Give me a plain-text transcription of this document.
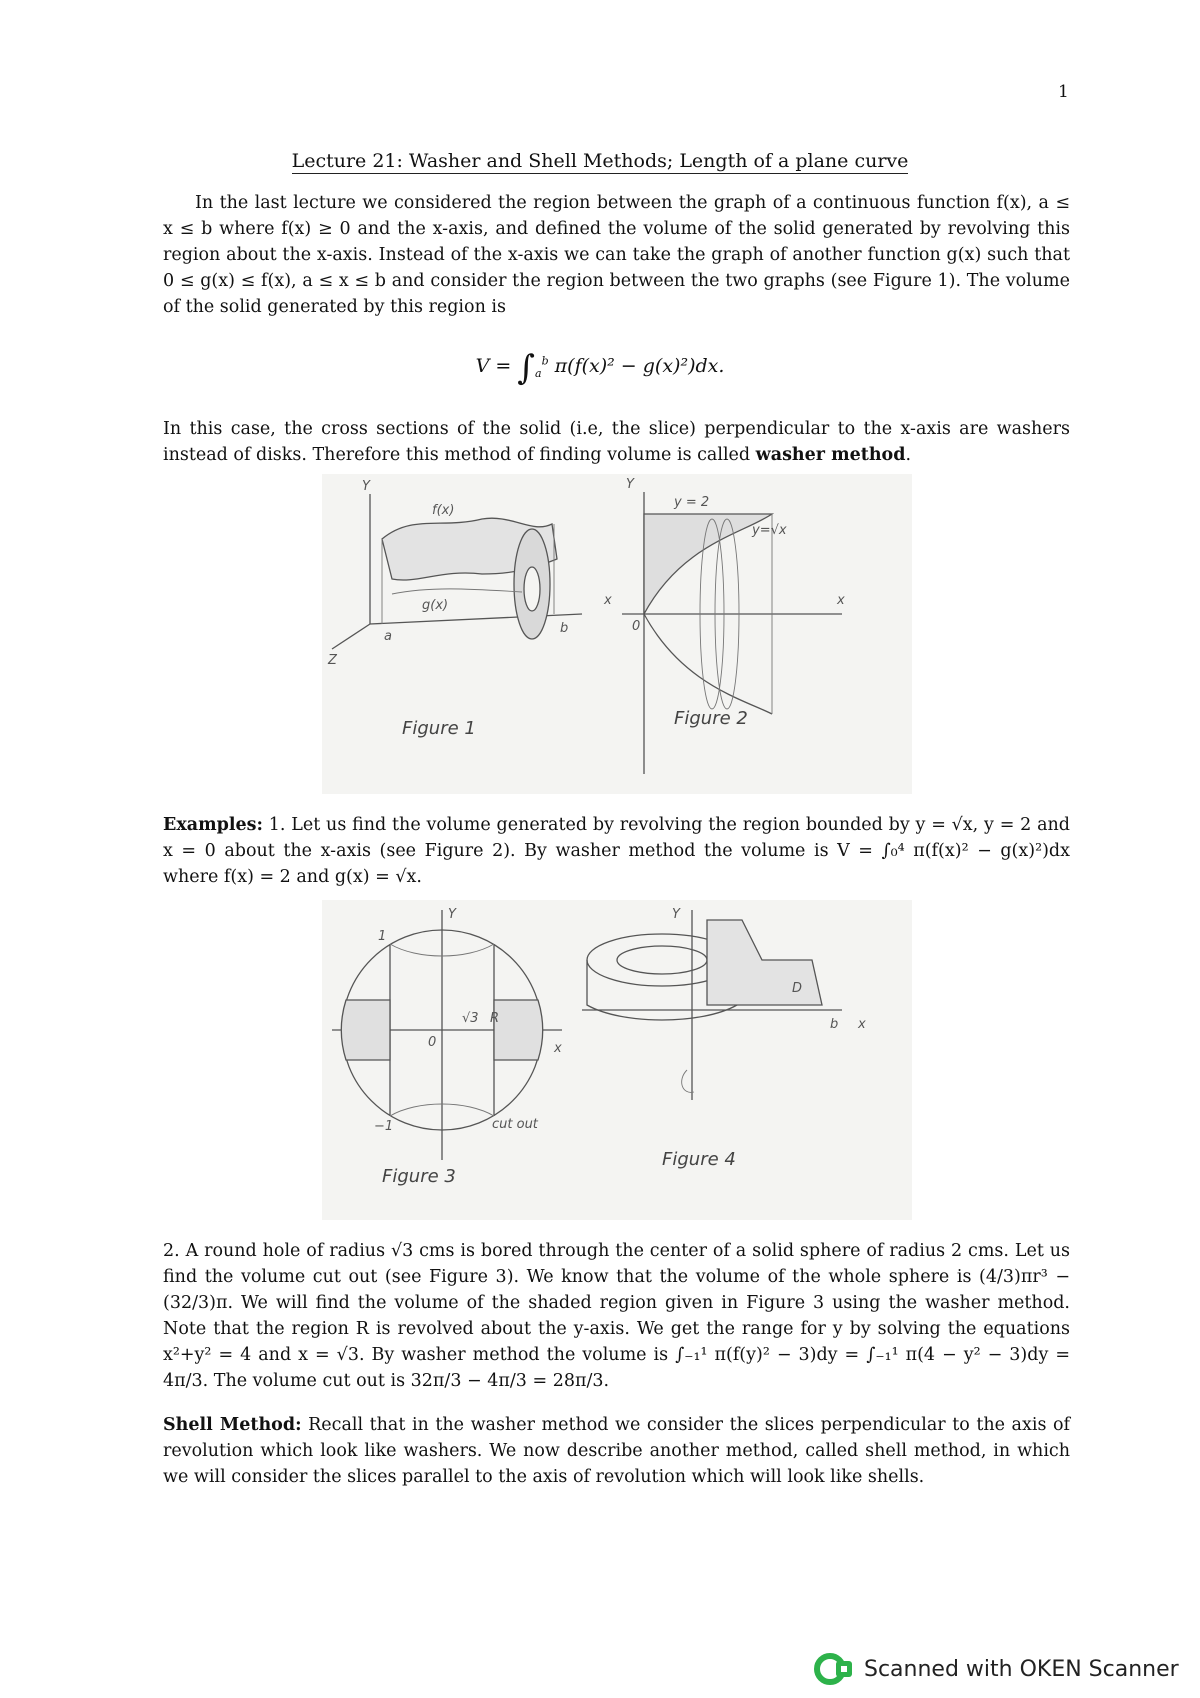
1
Lecture 21: Washer and Shell Methods; Length of a plane curve

In the last lecture we considered the region between the graph of a continuous function f(x), a ≤ x ≤ b where f(x) ≥ 0 and the x-axis, and defined the volume of the solid generated by revolving this region about the x-axis. Instead of the x-axis we can take the graph of another function g(x) such that 0 ≤ g(x) ≤ f(x), a ≤ x ≤ b and consider the region between the two graphs (see Figure 1). The volume of the solid generated by this region is

$V = \int_a^b$ π(f(x)² − g(x)²)dx.

In this case, the cross sections of the solid (i.e, the slice) perpendicular to the x-axis are washers instead of disks. Therefore this method of finding volume is called washer method.

Y
Z
f(x)
g(x)
a
b
x
Figure 1
Y
y = 2
y=√x
0
x
Figure 2

Examples: 1. Let us find the volume generated by revolving the region bounded by y = √x, y = 2 and x = 0 about the x-axis (see Figure 2). By washer method the volume is V = ∫₀⁴ π(f(x)² − g(x)²)dx where f(x) = 2 and g(x) = √x.

Y
1
−1
0
√3 R
x
cut out
Figure 3
Y
D
b x
Figure 4

2. A round hole of radius √3 cms is bored through the center of a solid sphere of radius 2 cms. Let us find the volume cut out (see Figure 3). We know that the volume of the whole sphere is (4/3)πr³ − (32/3)π. We will find the volume of the shaded region given in Figure 3 using the washer method. Note that the region R is revolved about the y-axis. We get the range for y by solving the equations x²+y² = 4 and x = √3. By washer method the volume is ∫₋₁¹ π(f(y)² − 3)dy = ∫₋₁¹ π(4 − y² − 3)dy = 4π/3. The volume cut out is 32π/3 − 4π/3 = 28π/3.

Shell Method: Recall that in the washer method we consider the slices perpendicular to the axis of revolution which look like washers. We now describe another method, called shell method, in which we will consider the slices parallel to the axis of revolution which will look like shells.

Scanned with OKEN Scanner
